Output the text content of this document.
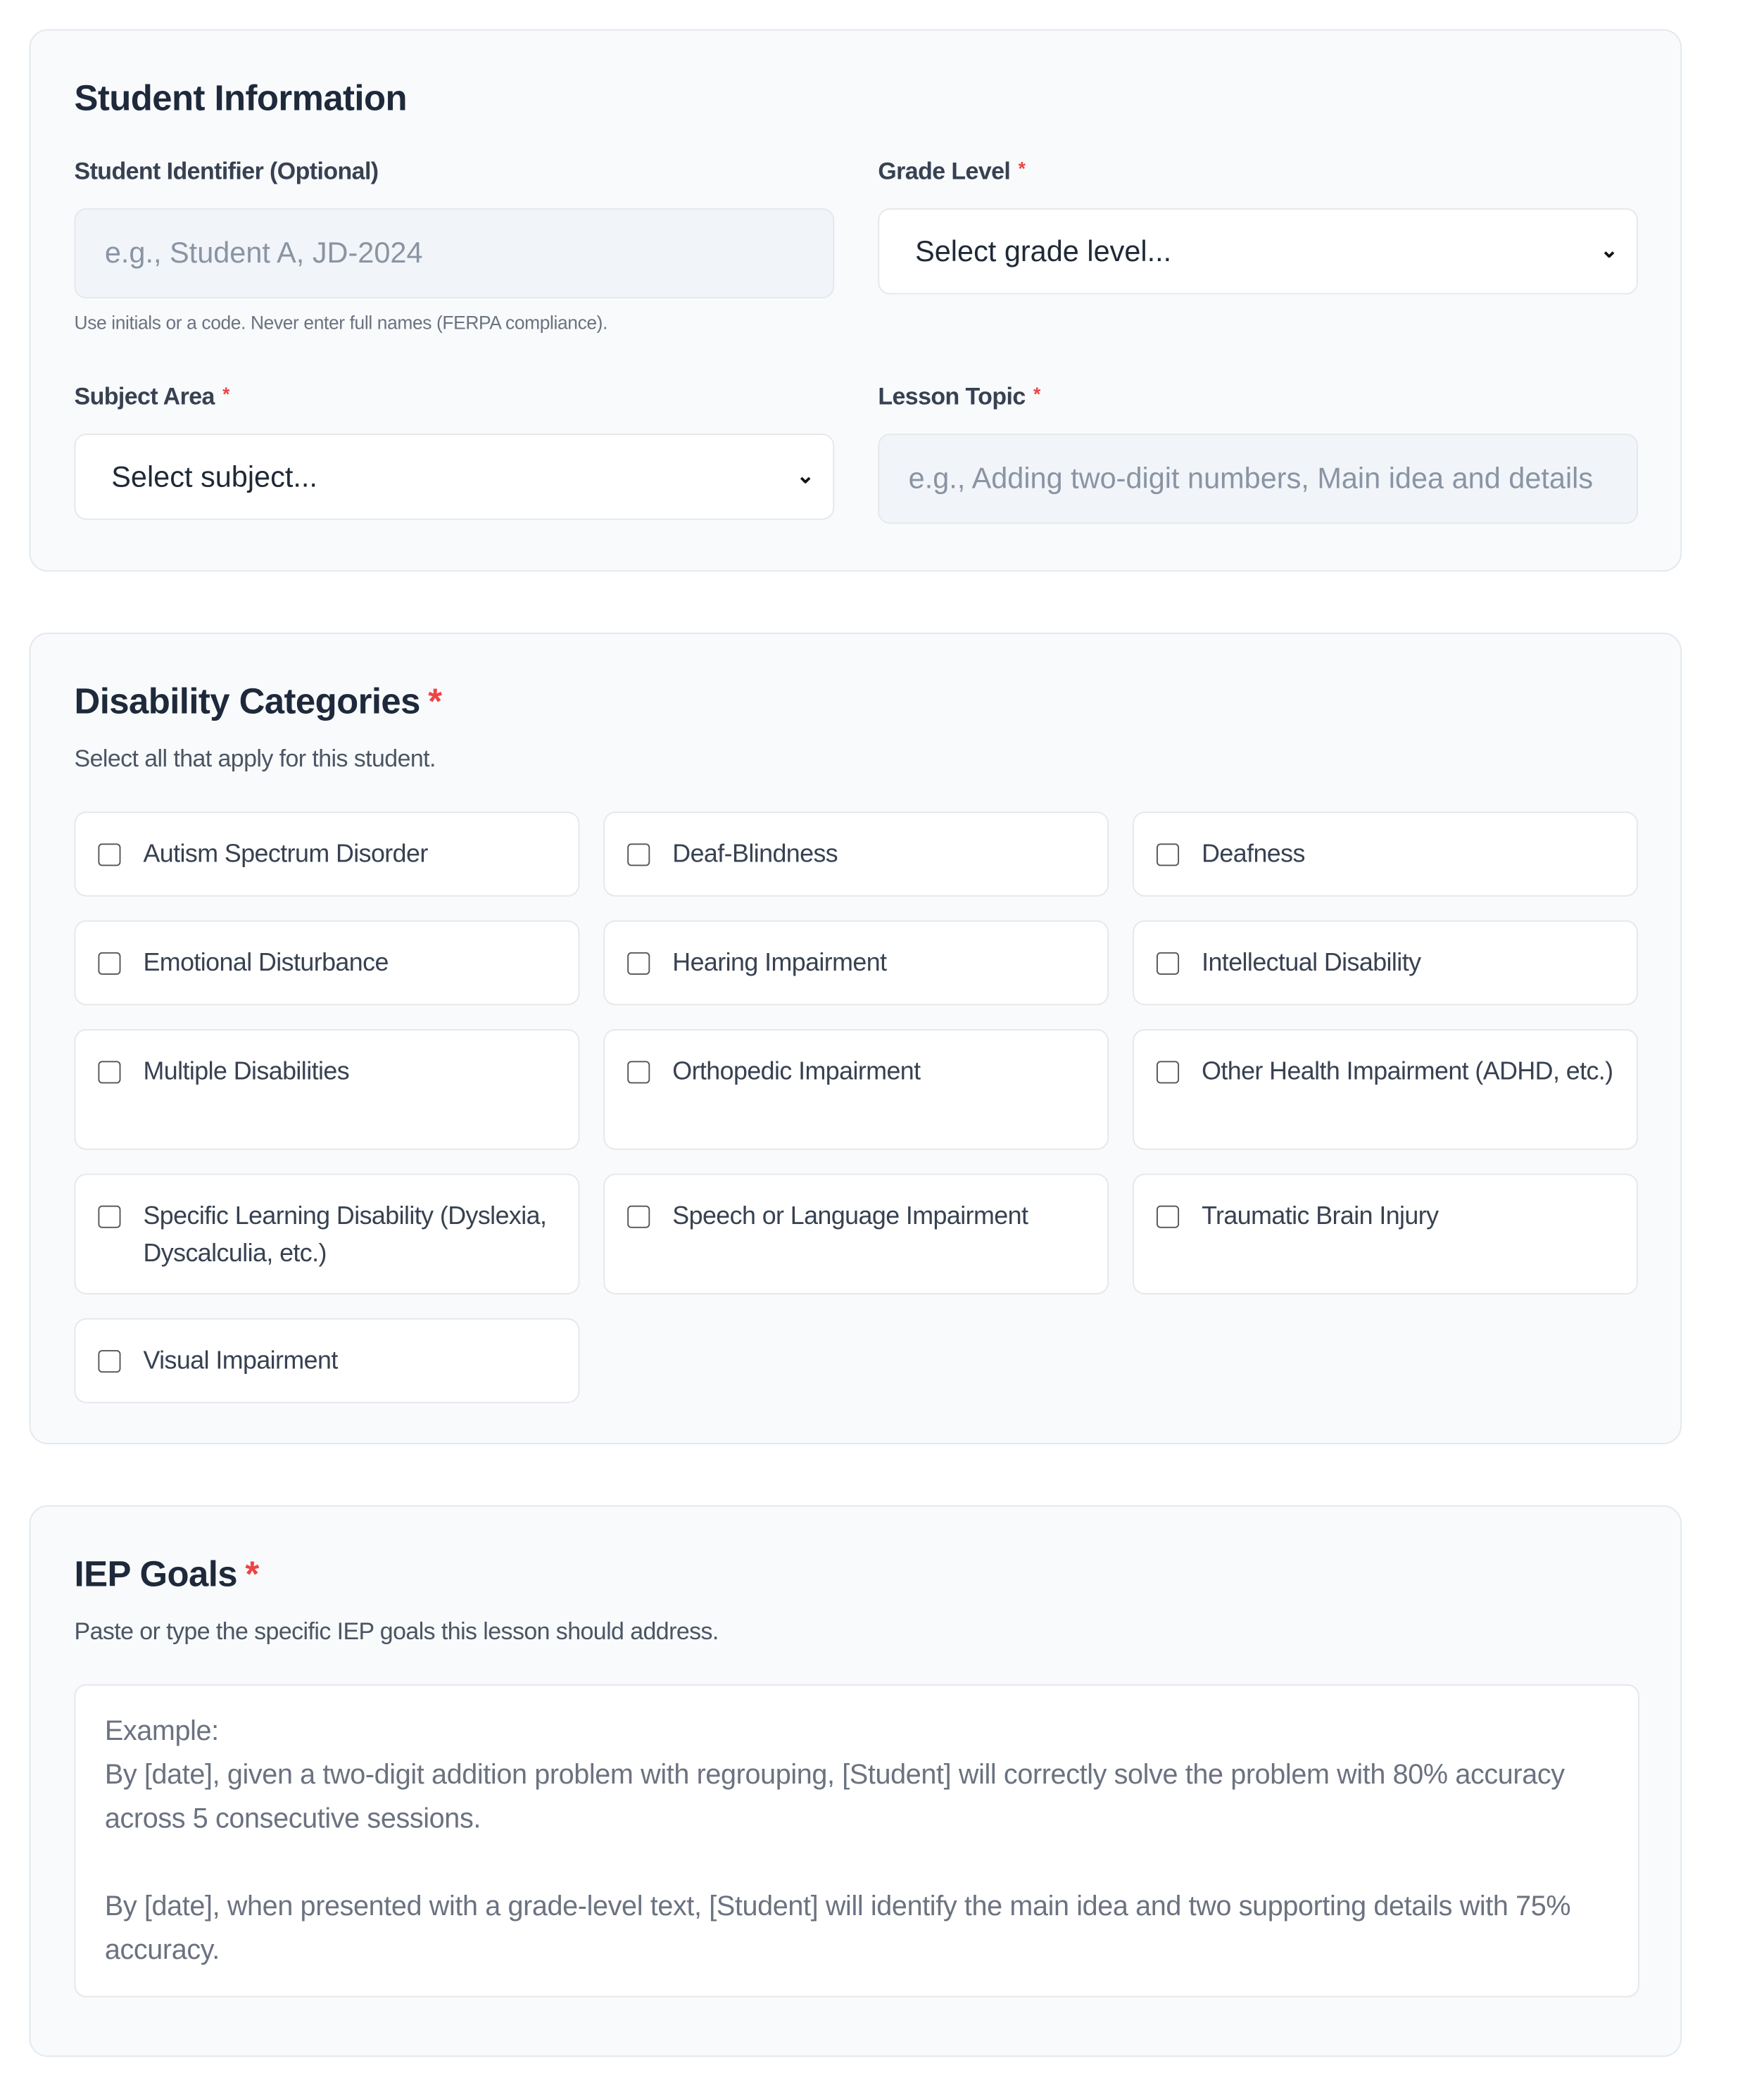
Student Information
Student Identifier (Optional)
e.g., Student A, JD-2024
Use initials or a code. Never enter full names (FERPA compliance).
Grade Level *
Select grade level...	⌄
Subject Area *
Select subject...	⌄
Lesson Topic *
e.g., Adding two-digit numbers, Main idea and details
Disability Categories *
Select all that apply for this student.
Autism Spectrum Disorder	Deaf-Blindness	Deafness
Emotional Disturbance	Hearing Impairment	Intellectual Disability
Multiple Disabilities	Orthopedic Impairment	Other Health Impairment (ADHD, etc.)
Specific Learning Disability (Dyslexia, Dyscalculia, etc.)
Speech or Language Impairment	Traumatic Brain Injury
Visual Impairment
IEP Goals *
Paste or type the specific IEP goals this lesson should address.
Example:
By [date], given a two-digit addition problem with regrouping, [Student] will correctly solve the problem with 80% accuracy across 5 consecutive sessions.

By [date], when presented with a grade-level text, [Student] will identify the main idea and two supporting details with 75% accuracy.
